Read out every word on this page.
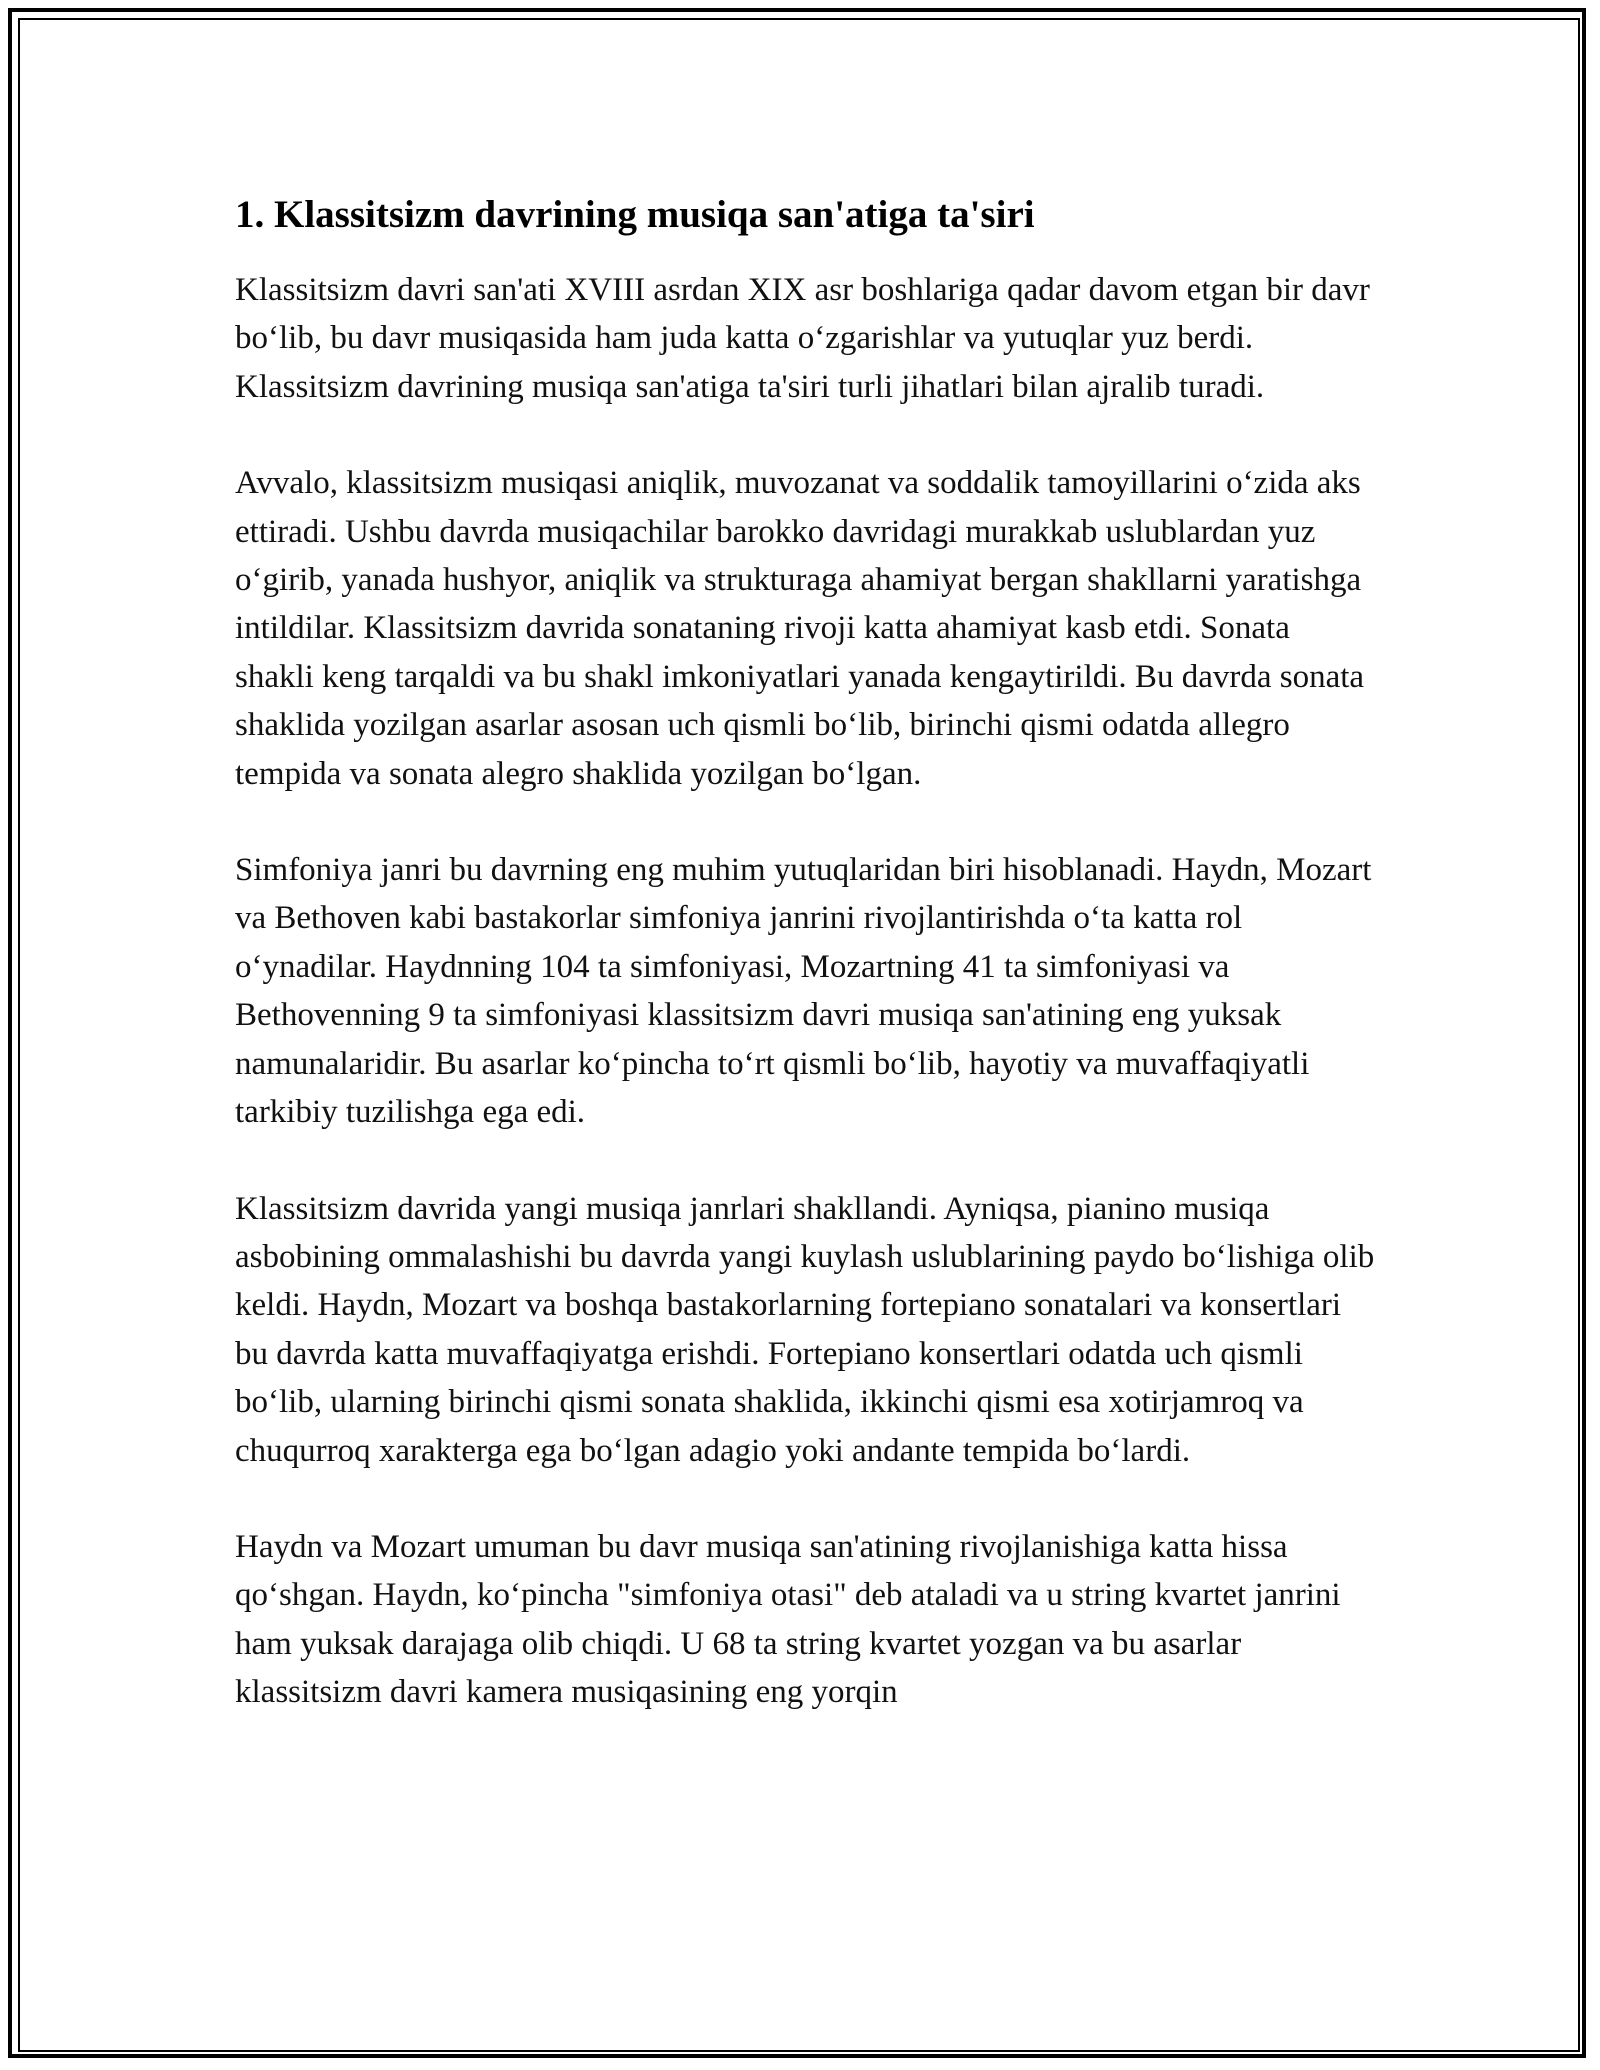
1. Klassitsizm davrining musiqa san'atiga ta'siri

Klassitsizm davri san'ati XVIII asrdan XIX asr boshlariga qadar davom etgan bir davr bo‘lib, bu davr musiqasida ham juda katta o‘zgarishlar va yutuqlar yuz berdi. Klassitsizm davrining musiqa san'atiga ta'siri turli jihatlari bilan ajralib turadi.

Avvalo, klassitsizm musiqasi aniqlik, muvozanat va soddalik tamoyillarini o‘zida aks ettiradi. Ushbu davrda musiqachilar barokko davridagi murakkab uslublardan yuz o‘girib, yanada hushyor, aniqlik va strukturaga ahamiyat bergan shakllarni yaratishga intildilar. Klassitsizm davrida sonataning rivoji katta ahamiyat kasb etdi. Sonata shakli keng tarqaldi va bu shakl imkoniyatlari yanada kengaytirildi. Bu davrda sonata shaklida yozilgan asarlar asosan uch qismli bo‘lib, birinchi qismi odatda allegro tempida va sonata alegro shaklida yozilgan bo‘lgan.

Simfoniya janri bu davrning eng muhim yutuqlaridan biri hisoblanadi. Haydn, Mozart va Bethoven kabi bastakorlar simfoniya janrini rivojlantirishda o‘ta katta rol o‘ynadilar. Haydnning 104 ta simfoniyasi, Mozartning 41 ta simfoniyasi va Bethovenning 9 ta simfoniyasi klassitsizm davri musiqa san'atining eng yuksak namunalaridir. Bu asarlar ko‘pincha to‘rt qismli bo‘lib, hayotiy va muvaffaqiyatli tarkibiy tuzilishga ega edi.

Klassitsizm davrida yangi musiqa janrlari shakllandi. Ayniqsa, pianino musiqa asbobining ommalashishi bu davrda yangi kuylash uslublarining paydo bo‘lishiga olib keldi. Haydn, Mozart va boshqa bastakorlarning fortepiano sonatalari va konsertlari bu davrda katta muvaffaqiyatga erishdi. Fortepiano konsertlari odatda uch qismli bo‘lib, ularning birinchi qismi sonata shaklida, ikkinchi qismi esa xotirjamroq va chuqurroq xarakterga ega bo‘lgan adagio yoki andante tempida bo‘lardi.

Haydn va Mozart umuman bu davr musiqa san'atining rivojlanishiga katta hissa qo‘shgan. Haydn, ko‘pincha "simfoniya otasi" deb ataladi va u string kvartet janrini ham yuksak darajaga olib chiqdi. U 68 ta string kvartet yozgan va bu asarlar klassitsizm davri kamera musiqasining eng yorqin
